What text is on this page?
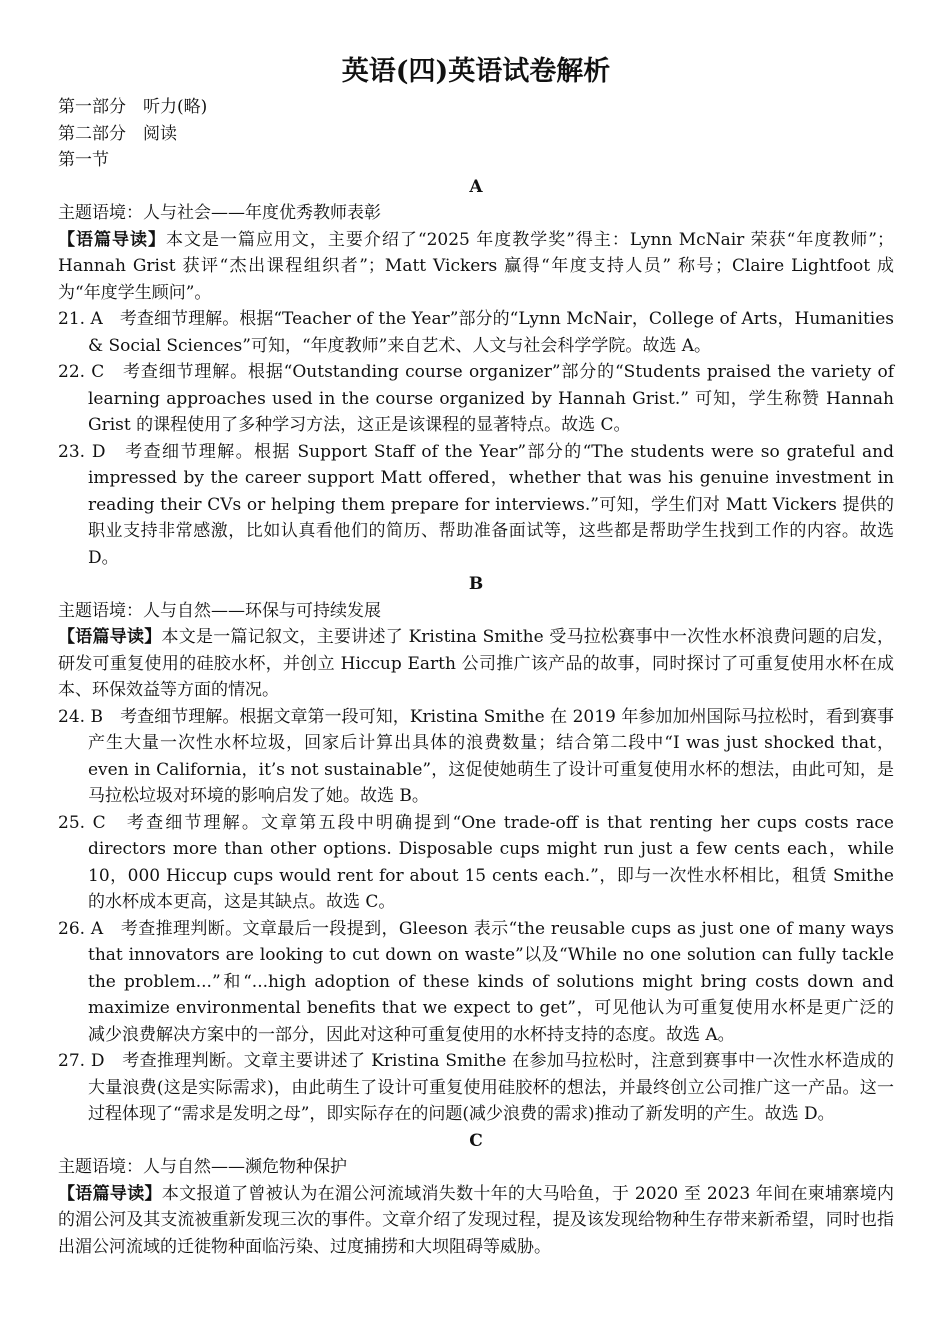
英语(四)英语试卷解析
第一部分　听力(略)
第二部分　阅读
第一节
A
主题语境：人与社会——年度优秀教师表彰
【语篇导读】本文是一篇应用文，主要介绍了“2025 年度教学奖”得主：Lynn McNair 荣获“年度教师”；Hannah Grist 获评“杰出课程组织者”；Matt Vickers 赢得“年度支持人员” 称号；Claire Lightfoot 成为“年度学生顾问”。
21. A　考查细节理解。根据“Teacher of the Year”部分的“Lynn McNair，College of Arts，Humanities & Social Sciences”可知，“年度教师”来自艺术、人文与社会科学学院。故选 A。
22. C　考查细节理解。根据“Outstanding course organizer”部分的“Students praised the variety of learning approaches used in the course organized by Hannah Grist.” 可知，学生称赞 Hannah Grist 的课程使用了多种学习方法，这正是该课程的显著特点。故选 C。
23. D　考查细节理解。根据 Support Staff of the Year”部分的“The students were so grateful and impressed by the career support Matt offered，whether that was his genuine investment in reading their CVs or helping them prepare for interviews.”可知，学生们对 Matt Vickers 提供的职业支持非常感激，比如认真看他们的简历、帮助准备面试等，这些都是帮助学生找到工作的内容。故选 D。
B
主题语境：人与自然——环保与可持续发展
【语篇导读】本文是一篇记叙文，主要讲述了 Kristina Smithe 受马拉松赛事中一次性水杯浪费问题的启发，研发可重复使用的硅胶水杯，并创立 Hiccup Earth 公司推广该产品的故事，同时探讨了可重复使用水杯在成本、环保效益等方面的情况。
24. B　考查细节理解。根据文章第一段可知，Kristina Smithe 在 2019 年参加加州国际马拉松时，看到赛事产生大量一次性水杯垃圾，回家后计算出具体的浪费数量；结合第二段中“I was just shocked that，even in California，it’s not sustainable”，这促使她萌生了设计可重复使用水杯的想法，由此可知，是马拉松垃圾对环境的影响启发了她。故选 B。
25. C　考查细节理解。文章第五段中明确提到“One trade-off is that renting her cups costs race directors more than other options. Disposable cups might run just a few cents each，while 10，000 Hiccup cups would rent for about 15 cents each.”，即与一次性水杯相比，租赁 Smithe 的水杯成本更高，这是其缺点。故选 C。
26. A　考查推理判断。文章最后一段提到，Gleeson 表示“the reusable cups as just one of many ways that innovators are looking to cut down on waste”以及“While no one solution can fully tackle the problem...”和“...high adoption of these kinds of solutions might bring costs down and maximize environmental benefits that we expect to get”，可见他认为可重复使用水杯是更广泛的减少浪费解决方案中的一部分，因此对这种可重复使用的水杯持支持的态度。故选 A。
27. D　考查推理判断。文章主要讲述了 Kristina Smithe 在参加马拉松时，注意到赛事中一次性水杯造成的大量浪费(这是实际需求)，由此萌生了设计可重复使用硅胶杯的想法，并最终创立公司推广这一产品。这一过程体现了“需求是发明之母”，即实际存在的问题(减少浪费的需求)推动了新发明的产生。故选 D。
C
主题语境：人与自然——濒危物种保护
【语篇导读】本文报道了曾被认为在湄公河流域消失数十年的大马哈鱼，于 2020 至 2023 年间在柬埔寨境内的湄公河及其支流被重新发现三次的事件。文章介绍了发现过程，提及该发现给物种生存带来新希望，同时也指出湄公河流域的迁徙物种面临污染、过度捕捞和大坝阻碍等威胁。
